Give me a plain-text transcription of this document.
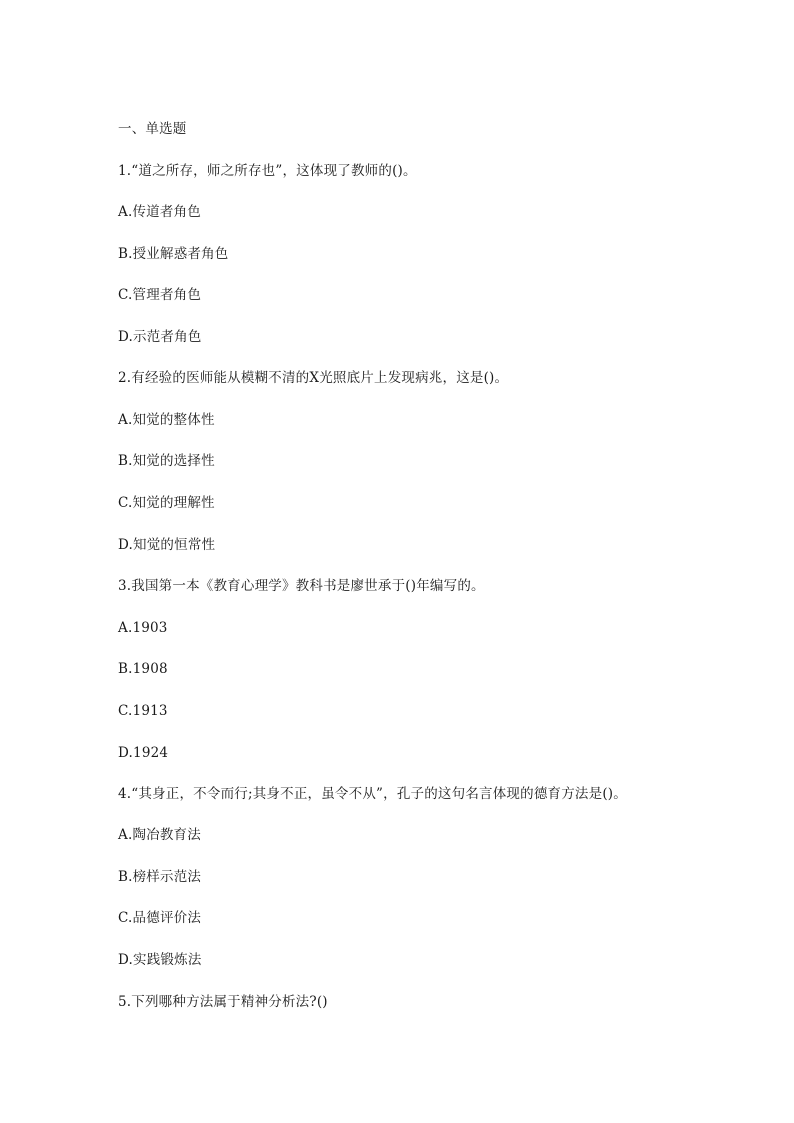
一、单选题
1.“道之所存，师之所存也”，这体现了教师的()。
A.传道者角色
B.授业解惑者角色
C.管理者角色
D.示范者角色
2.有经验的医师能从模糊不清的X光照底片上发现病兆，这是()。
A.知觉的整体性
B.知觉的选择性
C.知觉的理解性
D.知觉的恒常性
3.我国第一本《教育心理学》教科书是廖世承于()年编写的。
A.1903
B.1908
C.1913
D.1924
4.“其身正，不令而行;其身不正，虽令不从”，孔子的这句名言体现的德育方法是()。
A.陶冶教育法
B.榜样示范法
C.品德评价法
D.实践锻炼法
5.下列哪种方法属于精神分析法?()
